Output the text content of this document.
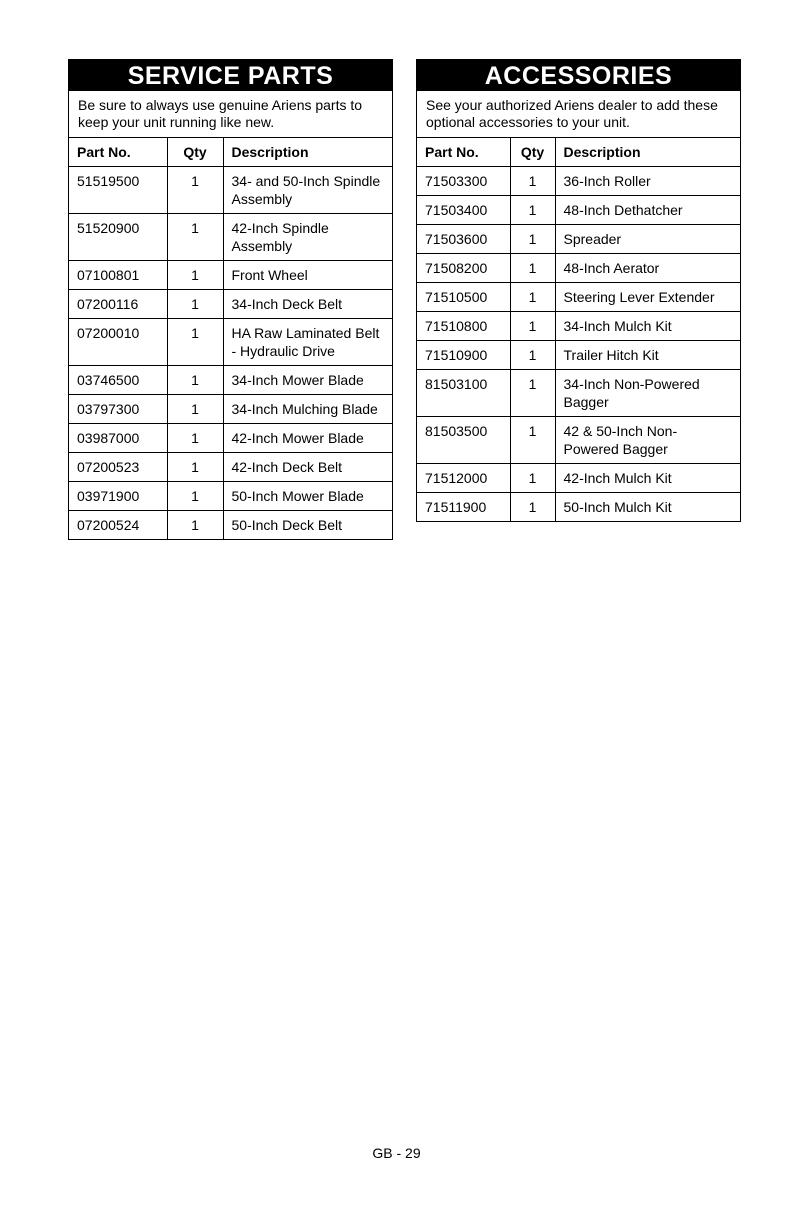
SERVICE PARTS
Be sure to always use genuine Ariens parts to keep your unit running like new.
Part No.	Qty	Description
51519500	1	34- and 50-Inch Spindle Assembly
51520900	1	42-Inch Spindle Assembly
07100801	1	Front Wheel
07200116	1	34-Inch Deck Belt
07200010	1	HA Raw Laminated Belt - Hydraulic Drive
03746500	1	34-Inch Mower Blade
03797300	1	34-Inch Mulching Blade
03987000	1	42-Inch Mower Blade
07200523	1	42-Inch Deck Belt
03971900	1	50-Inch Mower Blade
07200524	1	50-Inch Deck Belt
ACCESSORIES
See your authorized Ariens dealer to add these optional accessories to your unit.
Part No.	Qty	Description
71503300	1	36-Inch Roller
71503400	1	48-Inch Dethatcher
71503600	1	Spreader
71508200	1	48-Inch Aerator
71510500	1	Steering Lever Extender
71510800	1	34-Inch Mulch Kit
71510900	1	Trailer Hitch Kit
81503100	1	34-Inch Non-Powered Bagger
81503500	1	42 & 50-Inch Non-Powered Bagger
71512000	1	42-Inch Mulch Kit
71511900	1	50-Inch Mulch Kit
GB - 29
